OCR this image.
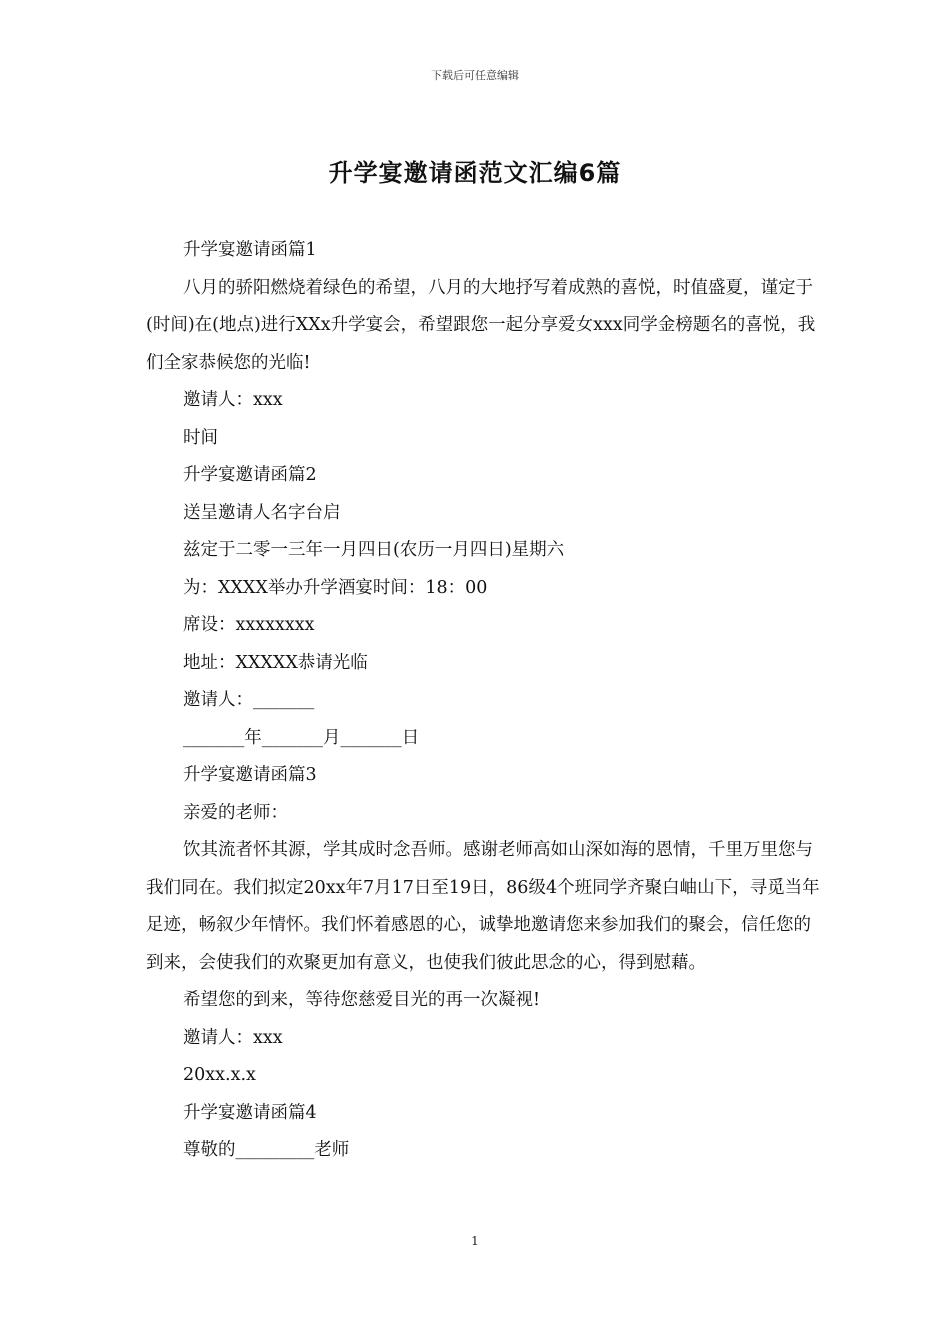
下载后可任意编辑
升学宴邀请函范文汇编6篇

升学宴邀请函篇1

八月的骄阳燃烧着绿色的希望，八月的大地抒写着成熟的喜悦，时值盛夏，谨定于(时间)在(地点)进行XXx升学宴会，希望跟您一起分享爱女xxx同学金榜题名的喜悦，我们全家恭候您的光临!

邀请人：xxx

时间

升学宴邀请函篇2

送呈邀请人名字台启

兹定于二零一三年一月四日(农历一月四日)星期六

为：XXXX举办升学酒宴时间：18：00

席设：xxxxxxxx

地址：XXXXX恭请光临

邀请人：_______

_______年_______月_______日

升学宴邀请函篇3

亲爱的老师：

饮其流者怀其源，学其成时念吾师。感谢老师高如山深如海的恩情，千里万里您与我们同在。我们拟定20xx年7月17日至19日，86级4个班同学齐聚白岫山下，寻觅当年足迹，畅叙少年情怀。我们怀着感恩的心，诚挚地邀请您来参加我们的聚会，信任您的到来，会使我们的欢聚更加有意义，也使我们彼此思念的心，得到慰藉。

希望您的到来，等待您慈爱目光的再一次凝视!

邀请人：xxx

20xx.x.x

升学宴邀请函篇4

尊敬的_________老师

1
